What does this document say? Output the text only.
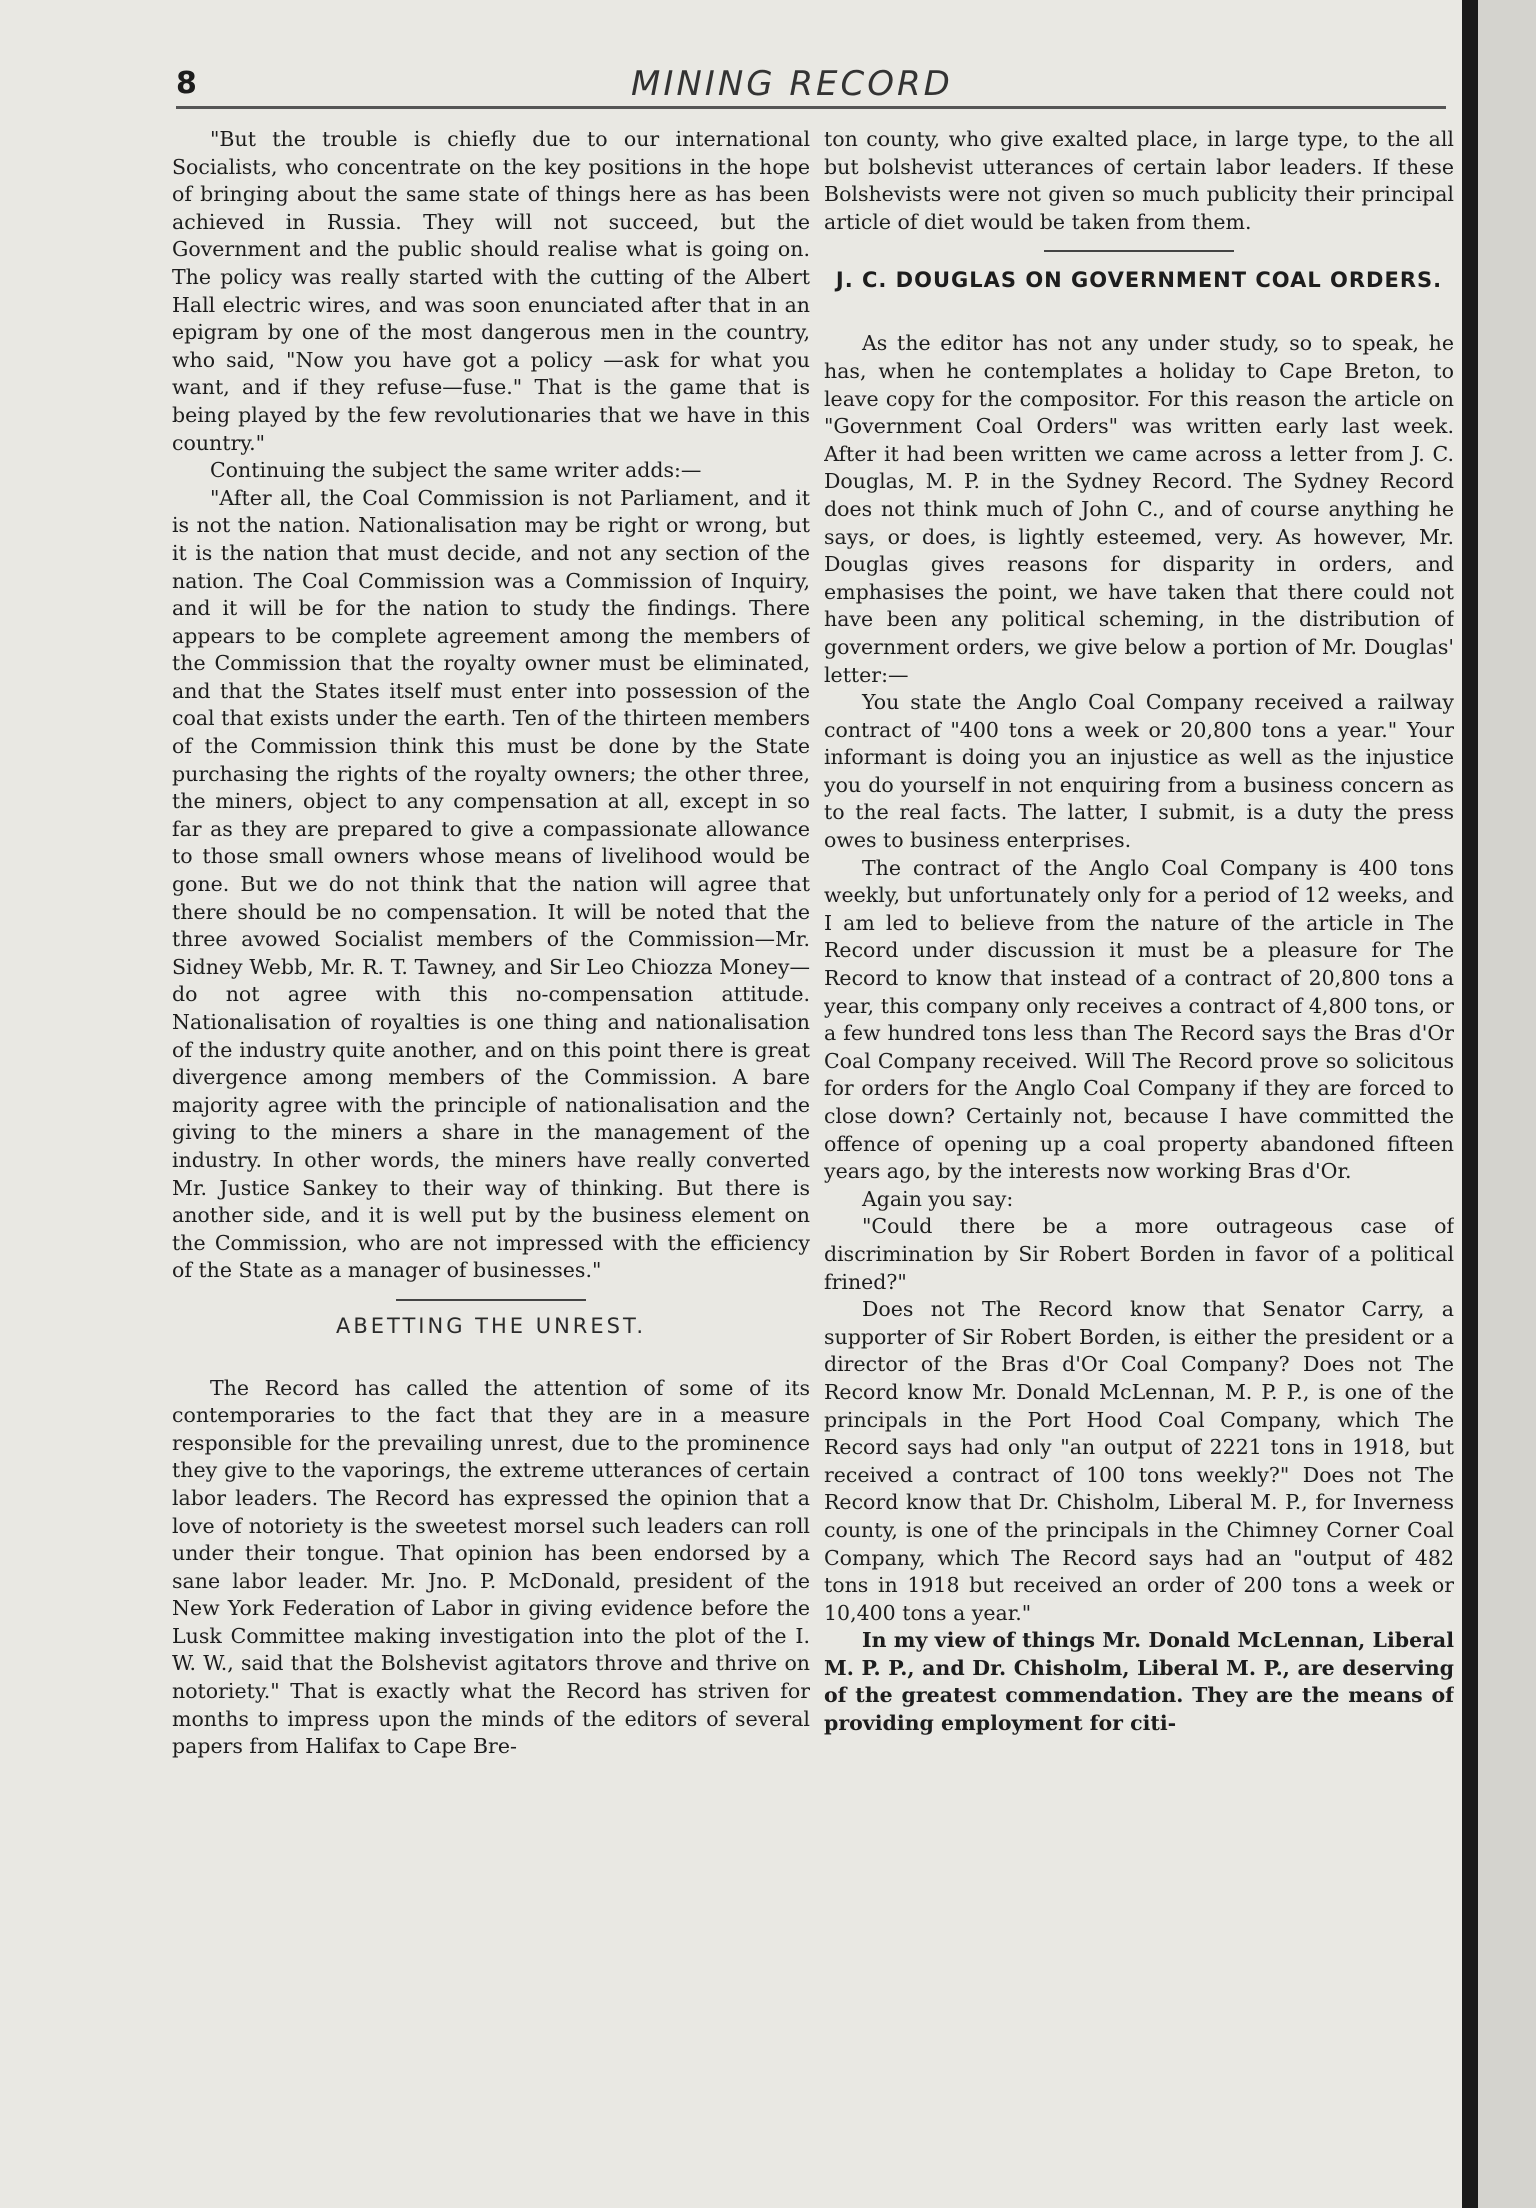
8	MINING RECORD

"But the trouble is chiefly due to our international Socialists, who concentrate on the key positions in the hope of bringing about the same state of things here as has been achieved in Russia. They will not succeed, but the Government and the public should realise what is going on. The policy was really started with the cutting of the Albert Hall electric wires, and was soon enunciated after that in an epigram by one of the most dangerous men in the country, who said, "Now you have got a policy —ask for what you want, and if they refuse—fuse." That is the game that is being played by the few revolutionaries that we have in this country."

Continuing the subject the same writer adds:—

"After all, the Coal Commission is not Parliament, and it is not the nation. Nationalisation may be right or wrong, but it is the nation that must decide, and not any section of the nation. The Coal Commission was a Commission of Inquiry, and it will be for the nation to study the findings. There appears to be complete agreement among the members of the Commission that the royalty owner must be eliminated, and that the States itself must enter into possession of the coal that exists under the earth. Ten of the thirteen members of the Commission think this must be done by the State purchasing the rights of the royalty owners; the other three, the miners, object to any compensation at all, except in so far as they are prepared to give a compassionate allowance to those small owners whose means of livelihood would be gone. But we do not think that the nation will agree that there should be no compensation. It will be noted that the three avowed Socialist members of the Commission—Mr. Sidney Webb, Mr. R. T. Tawney, and Sir Leo Chiozza Money—do not agree with this no-compensation attitude. Nationalisation of royalties is one thing and nationalisation of the industry quite another, and on this point there is great divergence among members of the Commission. A bare majority agree with the principle of nationalisation and the giving to the miners a share in the management of the industry. In other words, the miners have really converted Mr. Justice Sankey to their way of thinking. But there is another side, and it is well put by the business element on the Commission, who are not impressed with the efficiency of the State as a manager of businesses."

ABETTING THE UNREST.

The Record has called the attention of some of its contemporaries to the fact that they are in a measure responsible for the prevailing unrest, due to the prominence they give to the vaporings, the extreme utterances of certain labor leaders. The Record has expressed the opinion that a love of notoriety is the sweetest morsel such leaders can roll under their tongue. That opinion has been endorsed by a sane labor leader. Mr. Jno. P. McDonald, president of the New York Federation of Labor in giving evidence before the Lusk Committee making investigation into the plot of the I. W. W., said that the Bolshevist agitators throve and thrive on notoriety." That is exactly what the Record has striven for months to impress upon the minds of the editors of several papers from Halifax to Cape Bre-

ton county, who give exalted place, in large type, to the all but bolshevist utterances of certain labor leaders. If these Bolshevists were not given so much publicity their principal article of diet would be taken from them.

J. C. DOUGLAS ON GOVERNMENT COAL ORDERS.

As the editor has not any under study, so to speak, he has, when he contemplates a holiday to Cape Breton, to leave copy for the compositor. For this reason the article on "Government Coal Orders" was written early last week. After it had been written we came across a letter from J. C. Douglas, M. P. in the Sydney Record. The Sydney Record does not think much of John C., and of course anything he says, or does, is lightly esteemed, very. As however, Mr. Douglas gives reasons for disparity in orders, and emphasises the point, we have taken that there could not have been any political scheming, in the distribution of government orders, we give below a portion of Mr. Douglas' letter:—

You state the Anglo Coal Company received a railway contract of "400 tons a week or 20,800 tons a year." Your informant is doing you an injustice as well as the injustice you do yourself in not enquiring from a business concern as to the real facts. The latter, I submit, is a duty the press owes to business enterprises.

The contract of the Anglo Coal Company is 400 tons weekly, but unfortunately only for a period of 12 weeks, and I am led to believe from the nature of the article in The Record under discussion it must be a pleasure for The Record to know that instead of a contract of 20,800 tons a year, this company only receives a contract of 4,800 tons, or a few hundred tons less than The Record says the Bras d'Or Coal Company received. Will The Record prove so solicitous for orders for the Anglo Coal Company if they are forced to close down? Certainly not, because I have committed the offence of opening up a coal property abandoned fifteen years ago, by the interests now working Bras d'Or.

Again you say:

"Could there be a more outrageous case of discrimination by Sir Robert Borden in favor of a political frined?"

Does not The Record know that Senator Carry, a supporter of Sir Robert Borden, is either the president or a director of the Bras d'Or Coal Company? Does not The Record know Mr. Donald McLennan, M. P. P., is one of the principals in the Port Hood Coal Company, which The Record says had only "an output of 2221 tons in 1918, but received a contract of 100 tons weekly?" Does not The Record know that Dr. Chisholm, Liberal M. P., for Inverness county, is one of the principals in the Chimney Corner Coal Company, which The Record says had an "output of 482 tons in 1918 but received an order of 200 tons a week or 10,400 tons a year."

In my view of things Mr. Donald McLennan, Liberal M. P. P., and Dr. Chisholm, Liberal M. P., are deserving of the greatest commendation. They are the means of providing employment for citi-
